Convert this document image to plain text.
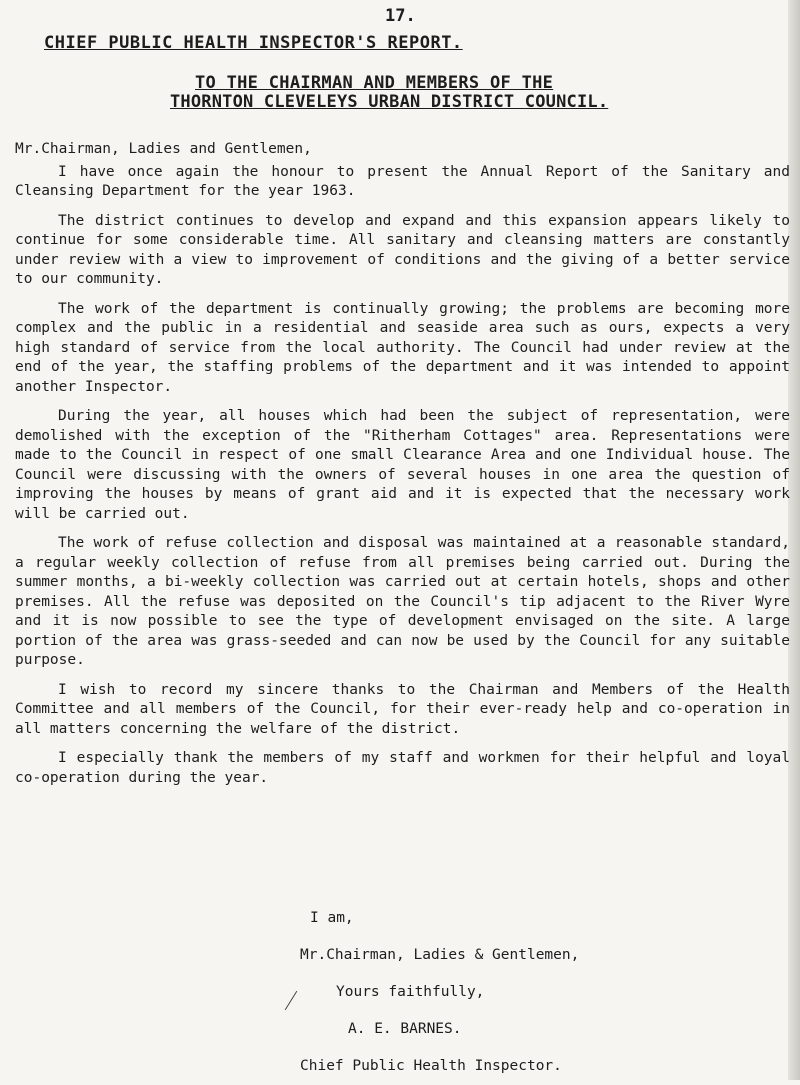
17.
CHIEF PUBLIC HEALTH INSPECTOR'S REPORT.
TO THE CHAIRMAN AND MEMBERS OF THE
THORNTON CLEVELEYS URBAN DISTRICT COUNCIL.

Mr.Chairman, Ladies and Gentlemen,

I have once again the honour to present the Annual Report of the Sanitary and Cleansing Department for the year 1963.

The district continues to develop and expand and this expansion appears likely to continue for some considerable time. All sanitary and cleansing matters are constantly under review with a view to improvement of conditions and the giving of a better service to our community.

The work of the department is continually growing; the problems are becoming more complex and the public in a residential and seaside area such as ours, expects a very high standard of service from the local authority. The Council had under review at the end of the year, the staffing problems of the department and it was intended to appoint another Inspector.

During the year, all houses which had been the subject of representation, were demolished with the exception of the "Ritherham Cottages" area. Representations were made to the Council in respect of one small Clearance Area and one Individual house. The Council were discussing with the owners of several houses in one area the question of improving the houses by means of grant aid and it is expected that the necessary work will be carried out.

The work of refuse collection and disposal was maintained at a reasonable standard, a regular weekly collection of refuse from all premises being carried out. During the summer months, a bi-weekly collection was carried out at certain hotels, shops and other premises. All the refuse was deposited on the Council's tip adjacent to the River Wyre and it is now possible to see the type of development envisaged on the site. A large portion of the area was grass-seeded and can now be used by the Council for any suitable purpose.

I wish to record my sincere thanks to the Chairman and Members of the Health Committee and all members of the Council, for their ever-ready help and co-operation in all matters concerning the welfare of the district.

I especially thank the members of my staff and workmen for their helpful and loyal co-operation during the year.

I am,
Mr.Chairman, Ladies & Gentlemen,
Yours faithfully,
A. E. BARNES.
Chief Public Health Inspector.
